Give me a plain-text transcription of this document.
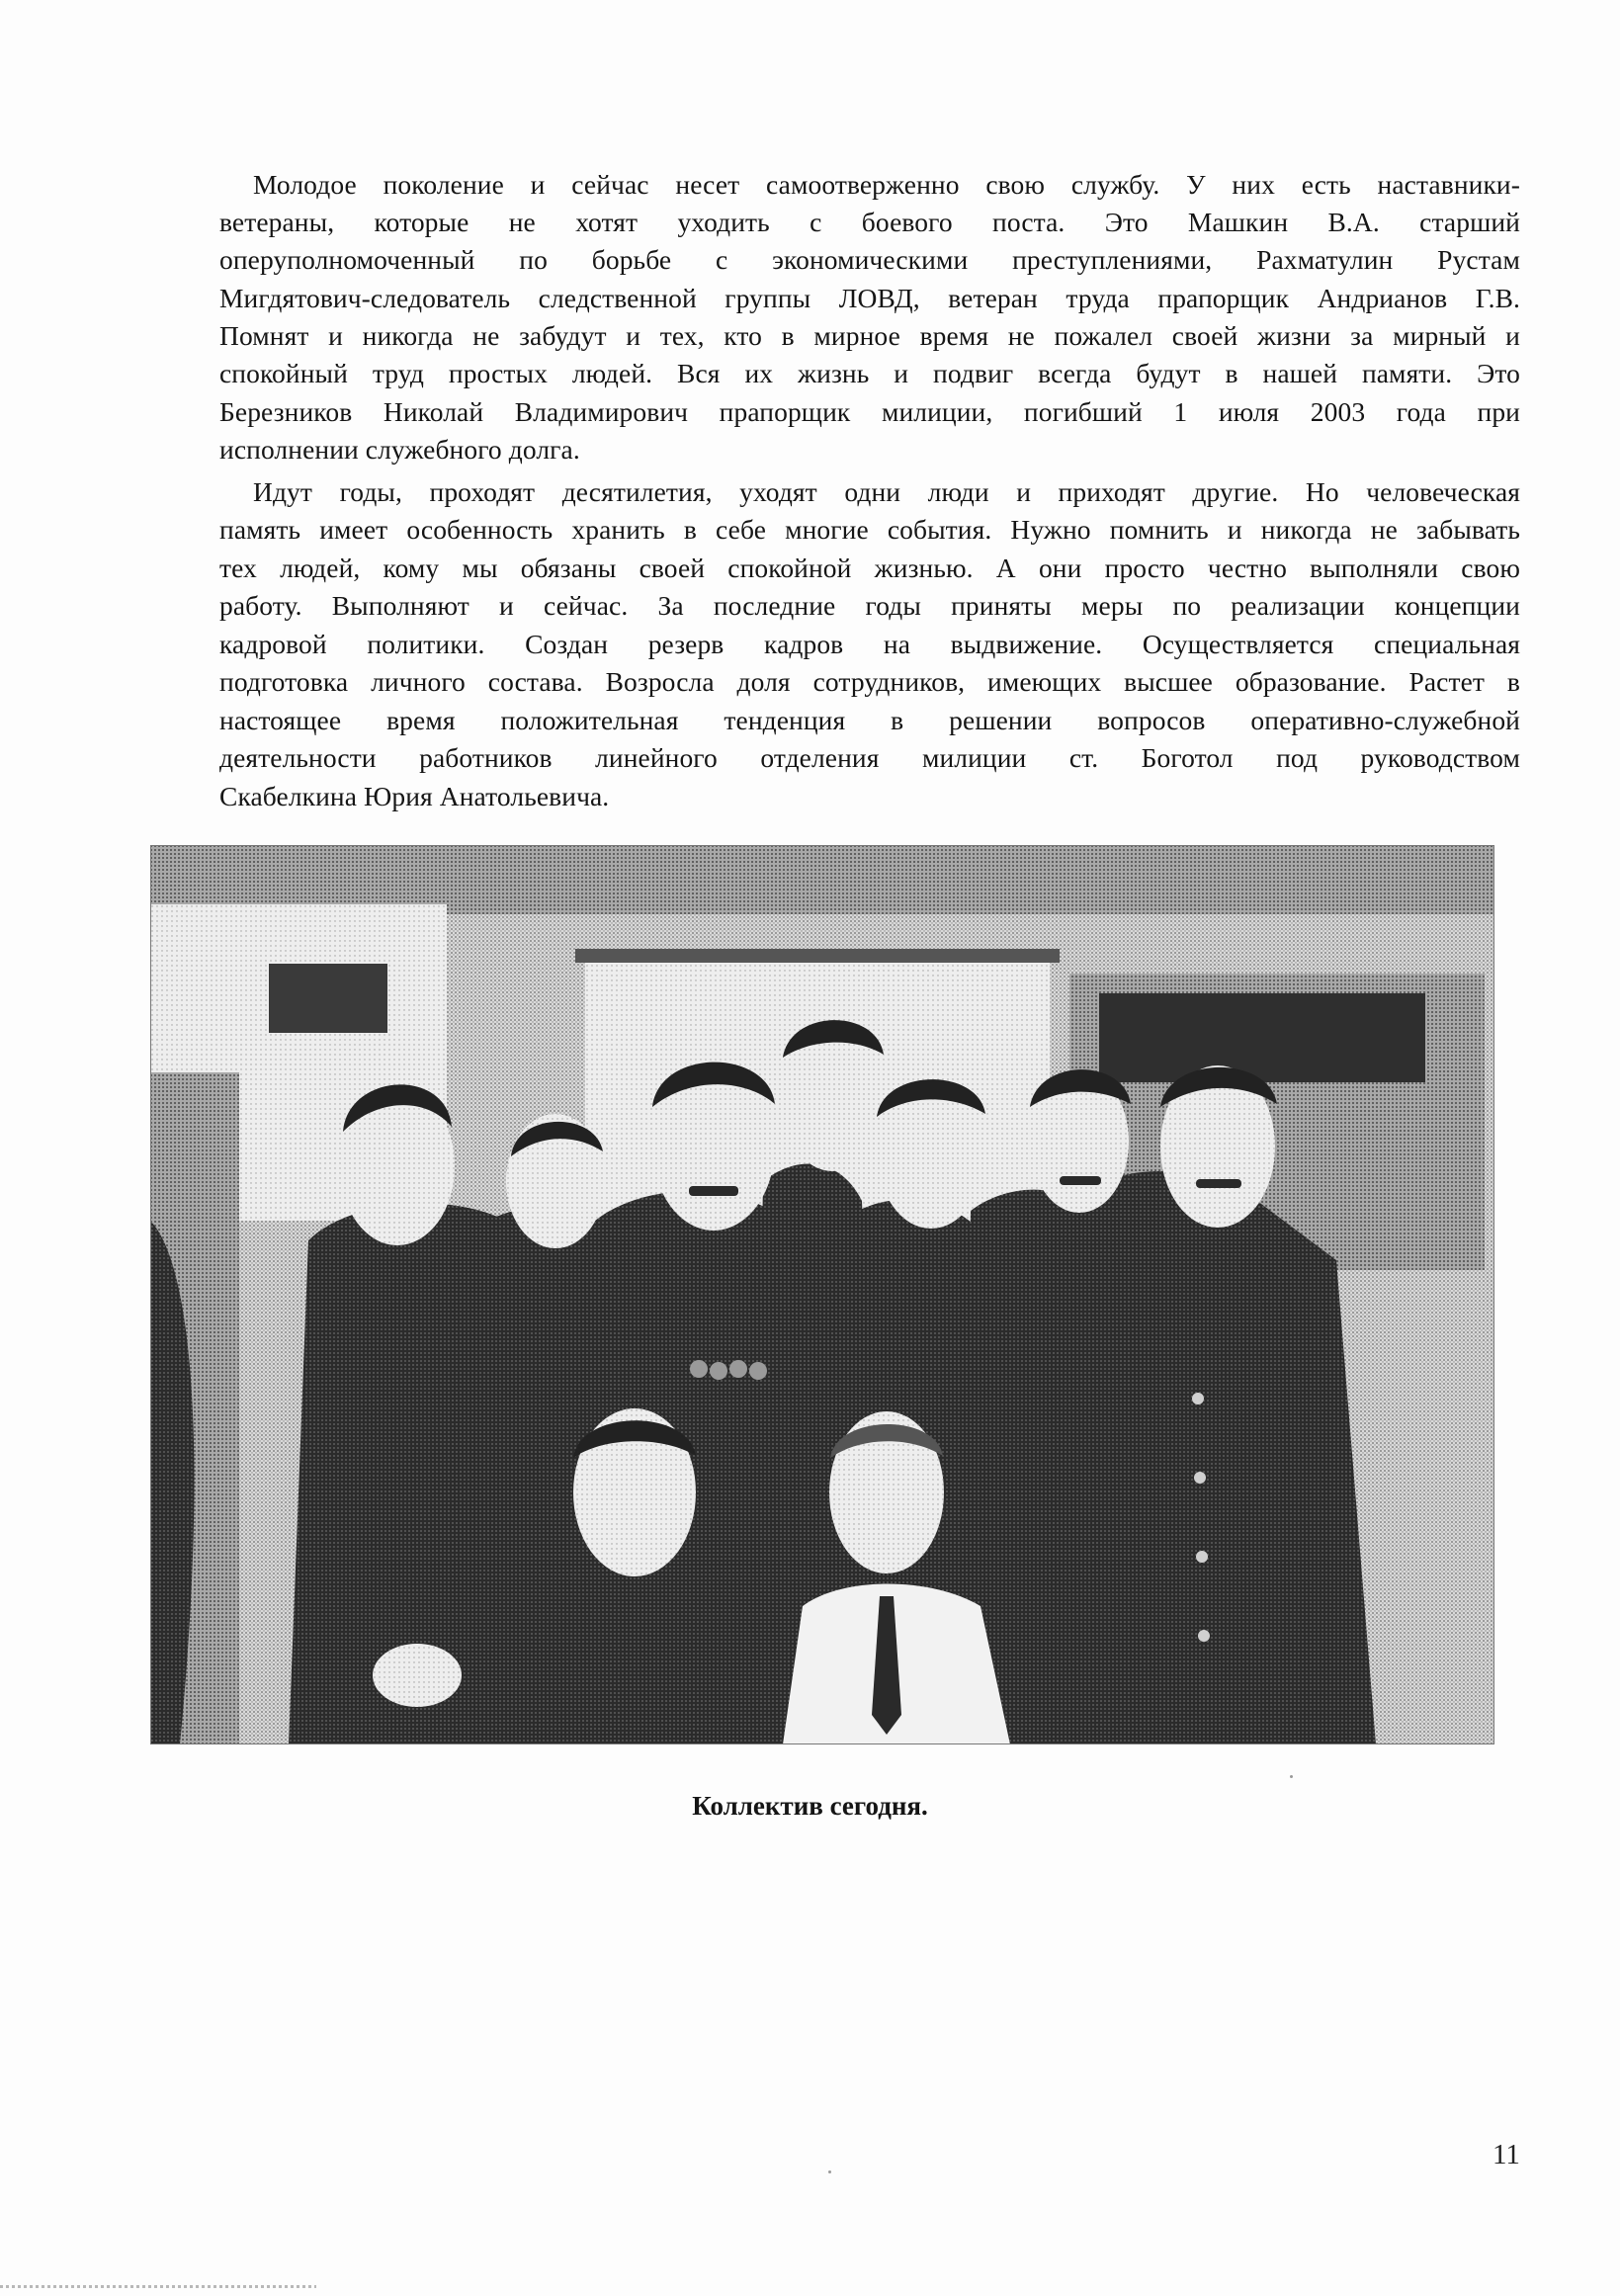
Молодое поколение и сейчас несет самоотверженно свою службу. У них есть наставники-
ветераны, которые не хотят уходить с боевого поста. Это Машкин В.А. старший
оперуполномоченный по борьбе с экономическими преступлениями, Рахматулин Рустам
Мигдятович-следователь следственной группы ЛОВД, ветеран труда прапорщик Андрианов Г.В.
Помнят и никогда не забудут и тех, кто в мирное время не пожалел своей жизни за мирный и
спокойный труд простых людей. Вся их жизнь и подвиг всегда будут в нашей памяти. Это
Березников Николай Владимирович прапорщик милиции, погибший 1 июля 2003 года при
исполнении служебного долга.
Идут годы, проходят десятилетия, уходят одни люди и приходят другие. Но человеческая
память имеет особенность хранить в себе многие события. Нужно помнить и никогда не забывать
тех людей, кому мы обязаны своей спокойной жизнью. А они просто честно выполняли свою
работу. Выполняют и сейчас. За последние годы приняты меры по реализации концепции
кадровой политики. Создан резерв кадров на выдвижение. Осуществляется специальная
подготовка личного состава. Возросла доля сотрудников, имеющих высшее образование. Растет в
настоящее время положительная тенденция в решении вопросов оперативно-служебной
деятельности работников линейного отделения милиции ст. Боготол под руководством
Скабелкина Юрия Анатольевича.
Коллектив сегодня.
11
